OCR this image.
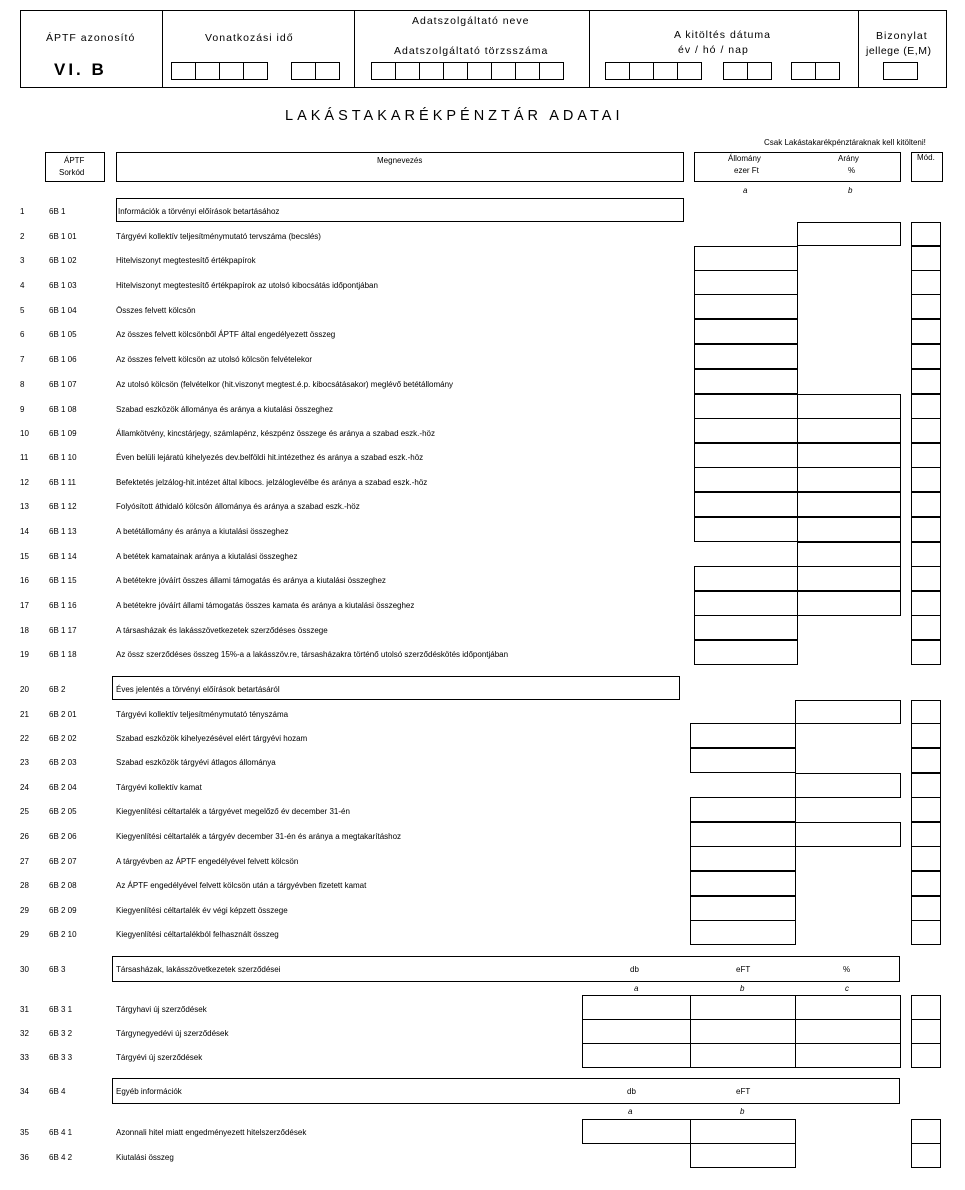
ÁPTF azonosító
VI. B
Vonatkozási idő
Adatszolgáltató neve
Adatszolgáltató törzsszáma
A kitöltés dátuma
év / hó / nap
Bizonylat
jellege (E,M)
LAKÁSTAKARÉKPÉNZTÁR ADATAI
Csak Lakástakarékpénztáraknak kell kitölteni!
ÁPTF
Sorkód
Megnevezés	Állomány
ezer Ft
Arány
%
a	b
Mód.
1	6B 1	Információk a törvényi előírások betartásához
2	6B 1 01	Tárgyévi kollektív teljesítménymutató tervszáma (becslés)
3	6B 1 02	Hitelviszonyt megtestesítő értékpapírok
4	6B 1 03	Hitelviszonyt megtestesítő értékpapírok az utolsó kibocsátás időpontjában
5	6B 1 04	Összes felvett kölcsön
6	6B 1 05	Az összes felvett kölcsönből ÁPTF által engedélyezett összeg
7	6B 1 06	Az összes felvett kölcsön az utolsó kölcsön felvételekor
8	6B 1 07	Az utolsó kölcsön (felvételkor (hit.viszonyt megtest.é.p. kibocsátásakor) meglévő betétállomány
9	6B 1 08	Szabad eszközök állománya és aránya a kiutalási összeghez
10	6B 1 09	Államkötvény, kincstárjegy, számlapénz, készpénz összege és aránya a szabad eszk.-höz
11	6B 1 10	Éven belüli lejáratú kihelyezés dev.belföldi hit.intézethez és aránya a szabad eszk.-höz
12	6B 1 11	Befektetés jelzálog-hit.intézet által kibocs. jelzáloglevélbe és aránya a szabad eszk.-höz
13	6B 1 12	Folyósított áthidaló kölcsön állománya és aránya a szabad eszk.-höz
14	6B 1 13	A betétállomány és aránya a kiutalási összeghez
15	6B 1 14	A betétek kamatainak aránya a kiutalási összeghez
16	6B 1 15	A betétekre jóváírt összes állami támogatás és aránya a kiutalási összeghez
17	6B 1 16	A betétekre jóváírt állami támogatás összes kamata és aránya a kiutalási összeghez
18	6B 1 17	A társasházak és lakásszövetkezetek szerződéses összege
19	6B 1 18	Az össz szerződéses összeg 15%-a a lakásszöv.re, társasházakra történő utolsó szerződéskötés időpontjában
20	6B 2	Éves jelentés a törvényi előírások betartásáról
21	6B 2 01	Tárgyévi kollektív teljesítménymutató tényszáma
22	6B 2 02	Szabad eszközök kihelyezésével elért tárgyévi hozam
23	6B 2 03	Szabad eszközök tárgyévi átlagos állománya
24	6B 2 04	Tárgyévi kollektív kamat
25	6B 2 05	Kiegyenlítési céltartalék a tárgyévet megelőző év december 31-én
26	6B 2 06	Kiegyenlítési céltartalék a tárgyév december 31-én és aránya a megtakarításhoz
27	6B 2 07	A tárgyévben az ÁPTF engedélyével felvett kölcsön
28	6B 2 08	Az ÁPTF engedélyével felvett kölcsön után a tárgyévben fizetett kamat
29	6B 2 09	Kiegyenlítési céltartalék év végi képzett összege
29	6B 2 10	Kiegyenlítési céltartalékból felhasznált összeg
30	6B 3	Társasházak, lakásszövetkezetek szerződései	db	eFT	%
a	b	c
31	6B 3 1	Tárgyhavi új szerződések
32	6B 3 2	Tárgynegyedévi új szerződések
33	6B 3 3	Tárgyévi új szerződések
34	6B 4	Egyéb információk	db	eFT
a	b
35	6B 4 1	Azonnali hitel miatt engedményezett hitelszerződések
36	6B 4 2	Kiutalási összeg
